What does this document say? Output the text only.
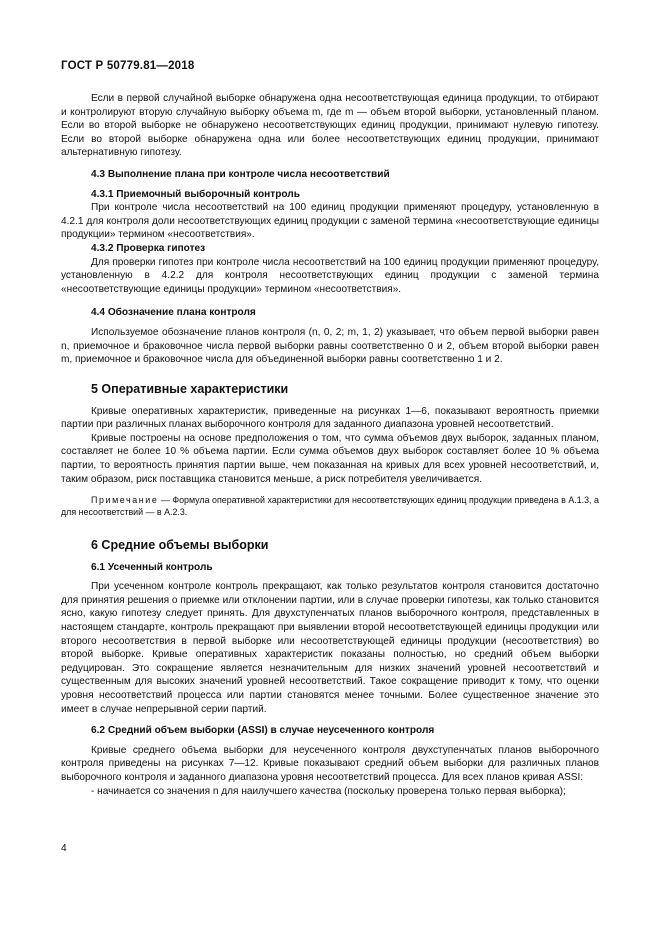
ГОСТ Р 50779.81—2018

Если в первой случайной выборке обнаружена одна несоответствующая единица продукции, то отбирают и контролируют вторую случайную выборку объема m, где m — объем второй выборки, установленный планом. Если во второй выборке не обнаружено несоответствующих единиц продукции, принимают нулевую гипотезу. Если во второй выборке обнаружена одна или более несоответствующих единиц продукции, принимают альтернативную гипотезу.

4.3 Выполнение плана при контроле числа несоответствий
4.3.1 Приемочный выборочный контроль

При контроле числа несоответствий на 100 единиц продукции применяют процедуру, установленную в 4.2.1 для контроля доли несоответствующих единиц продукции с заменой термина «несоответствующие единицы продукции» термином «несоответствия».

4.3.2 Проверка гипотез

Для проверки гипотез при контроле числа несоответствий на 100 единиц продукции применяют процедуру, установленную в 4.2.2 для контроля несоответствующих единиц продукции с заменой термина «несоответствующие единицы продукции» термином «несоответствия».

4.4 Обозначение плана контроля

Используемое обозначение планов контроля (n, 0, 2; m, 1, 2) указывает, что объем первой выборки равен n, приемочное и браковочное числа первой выборки равны соответственно 0 и 2, объем второй выборки равен m, приемочное и браковочное числа для объединенной выборки равны соответственно 1 и 2.

5 Оперативные характеристики

Кривые оперативных характеристик, приведенные на рисунках 1—6, показывают вероятность приемки партии при различных планах выборочного контроля для заданного диапазона уровней несоответствий.

Кривые построены на основе предположения о том, что сумма объемов двух выборок, заданных планом, составляет не более 10 % объема партии. Если сумма объемов двух выборок составляет более 10 % объема партии, то вероятность принятия партии выше, чем показанная на кривых для всех уровней несоответствий, и, таким образом, риск поставщика становится меньше, а риск потребителя увеличивается.

Примечание — Формула оперативной характеристики для несоответствующих единиц продукции приведена в А.1.3, а для несоответствий — в А.2.3.

6 Средние объемы выборки
6.1 Усеченный контроль

При усеченном контроле контроль прекращают, как только результатов контроля становится достаточно для принятия решения о приемке или отклонении партии, или в случае проверки гипотезы, как только становится ясно, какую гипотезу следует принять. Для двухступенчатых планов выборочного контроля, представленных в настоящем стандарте, контроль прекращают при выявлении второй несоответствующей единицы продукции или второго несоответствия в первой выборке или несоответствующей единицы продукции (несоответствия) во второй выборке. Кривые оперативных характеристик показаны полностью, но средний объем выборки редуцирован. Это сокращение является незначительным для низких значений уровней несоответствий и существенным для высоких значений уровней несоответствий. Такое сокращение приводит к тому, что оценки уровня несоответствий процесса или партии становятся менее точными. Более существенное значение это имеет в случае непрерывной серии партий.

6.2 Средний объем выборки (ASSI) в случае неусеченного контроля

Кривые среднего объема выборки для неусеченного контроля двухступенчатых планов выборочного контроля приведены на рисунках 7—12. Кривые показывают средний объем выборки для различных планов выборочного контроля и заданного диапазона уровня несоответствий процесса. Для всех планов кривая ASSI:

- начинается со значения n для наилучшего качества (поскольку проверена только первая выборка);

4
